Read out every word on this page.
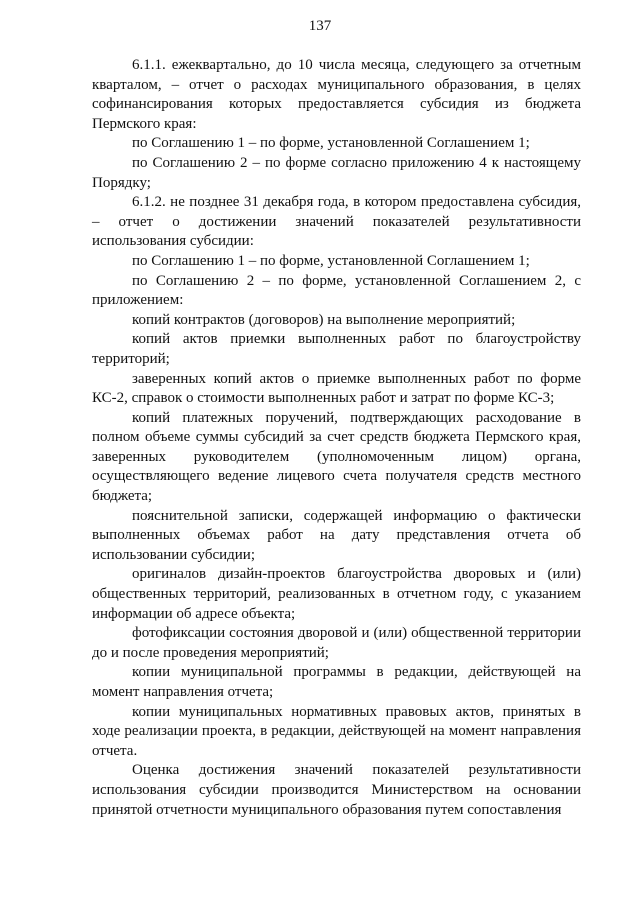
137

6.1.1. ежеквартально, до 10 числа месяца, следующего за отчетным кварталом, – отчет о расходах муниципального образования, в целях софинансирования которых предоставляется субсидия из бюджета Пермского края:

по Соглашению 1 – по форме, установленной Соглашением 1;

по Соглашению 2 – по форме согласно приложению 4 к настоящему Порядку;

6.1.2. не позднее 31 декабря года, в котором предоставлена субсидия, – отчет о достижении значений показателей результативности использования субсидии:

по Соглашению 1 – по форме, установленной Соглашением 1;

по Соглашению 2 – по форме, установленной Соглашением 2, с приложением:

копий контрактов (договоров) на выполнение мероприятий;

копий актов приемки выполненных работ по благоустройству территорий;

заверенных копий актов о приемке выполненных работ по форме КС-2, справок о стоимости выполненных работ и затрат по форме КС-3;

копий платежных поручений, подтверждающих расходование в полном объеме суммы субсидий за счет средств бюджета Пермского края, заверенных руководителем (уполномоченным лицом) органа, осуществляющего ведение лицевого счета получателя средств местного бюджета;

пояснительной записки, содержащей информацию о фактически выполненных объемах работ на дату представления отчета об использовании субсидии;

оригиналов дизайн-проектов благоустройства дворовых и (или) общественных территорий, реализованных в отчетном году, с указанием информации об адресе объекта;

фотофиксации состояния дворовой и (или) общественной территории до и после проведения мероприятий;

копии муниципальной программы в редакции, действующей на момент направления отчета;

копии муниципальных нормативных правовых актов, принятых в ходе реализации проекта, в редакции, действующей на момент направления отчета.

Оценка достижения значений показателей результативности использования субсидии производится Министерством на основании принятой отчетности муниципального образования путем сопоставления
